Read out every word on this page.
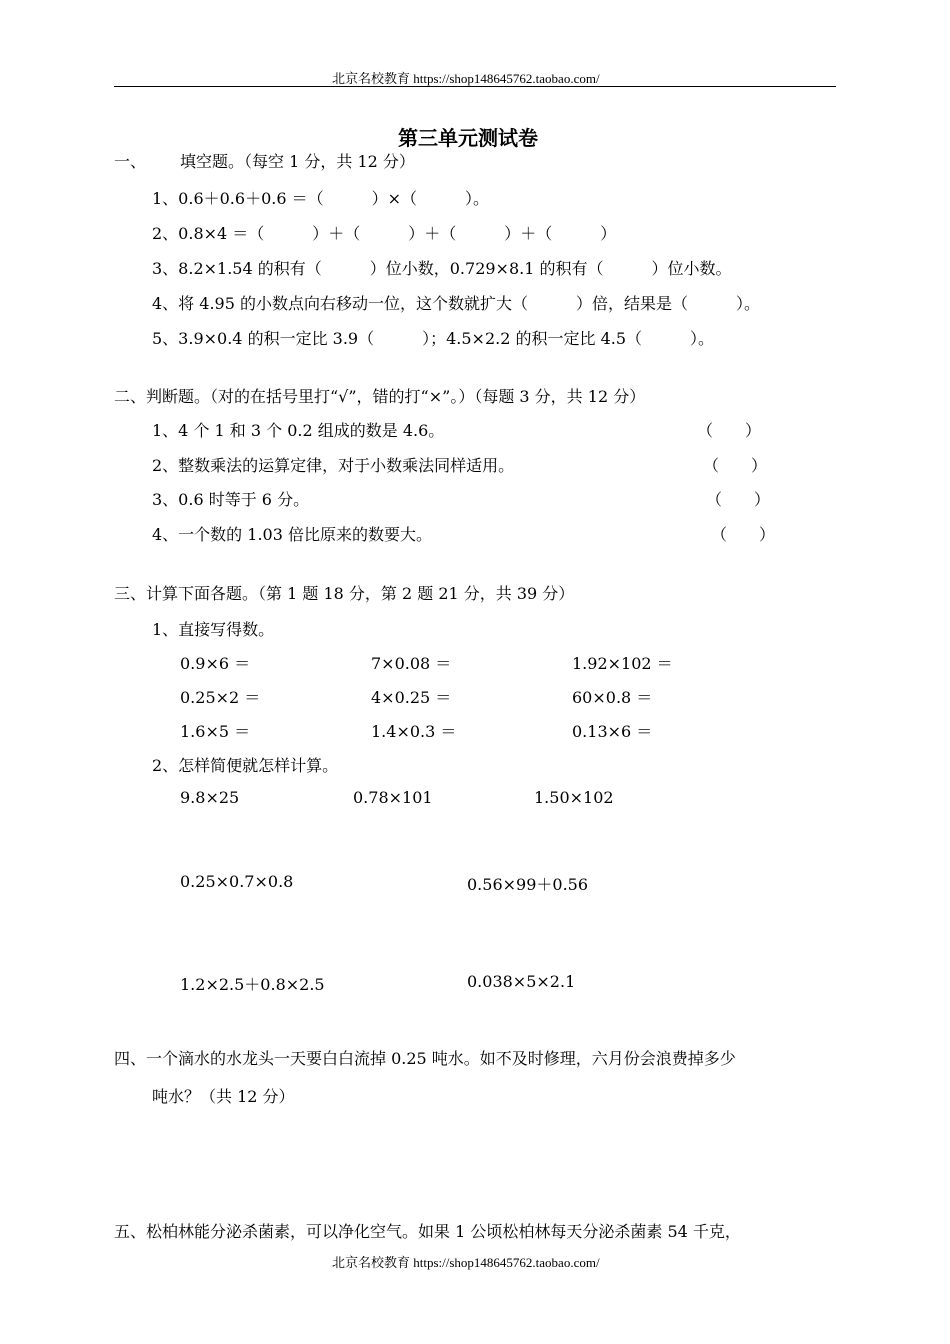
北京名校教育 https://shop148645762.taobao.com/
第三单元测试卷
一、 填空题。（每空 1 分，共 12 分）
1、0.6＋0.6＋0.6 ＝（　　　）×（　　　）。
2、0.8×4 ＝（　　　）＋（　　　）＋（　　　）＋（　　　）
3、8.2×1.54 的积有（　　　）位小数，0.729×8.1 的积有（　　　）位小数。
4、将 4.95 的小数点向右移动一位，这个数就扩大（　　　）倍，结果是（　　　）。
5、3.9×0.4 的积一定比 3.9（　　　）；4.5×2.2 的积一定比 4.5（　　　）。
二、判断题。（对的在括号里打“√”，错的打“×”。）（每题 3 分，共 12 分）
1、4 个 1 和 3 个 0.2 组成的数是 4.6。	（　　）
2、整数乘法的运算定律，对于小数乘法同样适用。	（　　）
3、0.6 时等于 6 分。	（　　）
4、一个数的 1.03 倍比原来的数要大。	（　　）
三、计算下面各题。（第 1 题 18 分，第 2 题 21 分，共 39 分）
1、直接写得数。
0.9×6 ＝	7×0.08 ＝	1.92×102 ＝
0.25×2 ＝	4×0.25 ＝	60×0.8 ＝
1.6×5 ＝	1.4×0.3 ＝	0.13×6 ＝
2、怎样简便就怎样计算。
9.8×25	0.78×101	1.50×102
0.25×0.7×0.8	0.56×99＋0.56
1.2×2.5＋0.8×2.5	0.038×5×2.1
四、一个滴水的水龙头一天要白白流掉 0.25 吨水。如不及时修理，六月份会浪费掉多少
吨水？（共 12 分）
五、松柏林能分泌杀菌素，可以净化空气。如果 1 公顷松柏林每天分泌杀菌素 54 千克，
北京名校教育 https://shop148645762.taobao.com/
